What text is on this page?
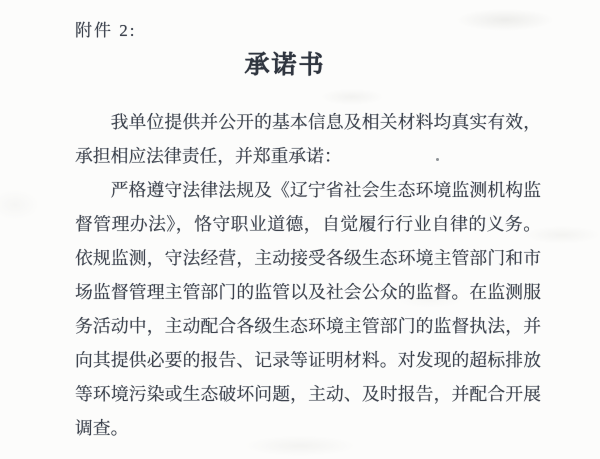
附件 2:
承诺书

我单位提供并公开的基本信息及相关材料均真实有效，承担相应法律责任，并郑重承诺：

严格遵守法律法规及《辽宁省社会生态环境监测机构监督管理办法》，恪守职业道德，自觉履行行业自律的义务。依规监测，守法经营，主动接受各级生态环境主管部门和市场监督管理主管部门的监管以及社会公众的监督。在监测服务活动中，主动配合各级生态环境主管部门的监督执法，并向其提供必要的报告、记录等证明材料。对发现的超标排放等环境污染或生态破坏问题，主动、及时报告，并配合开展调查。
